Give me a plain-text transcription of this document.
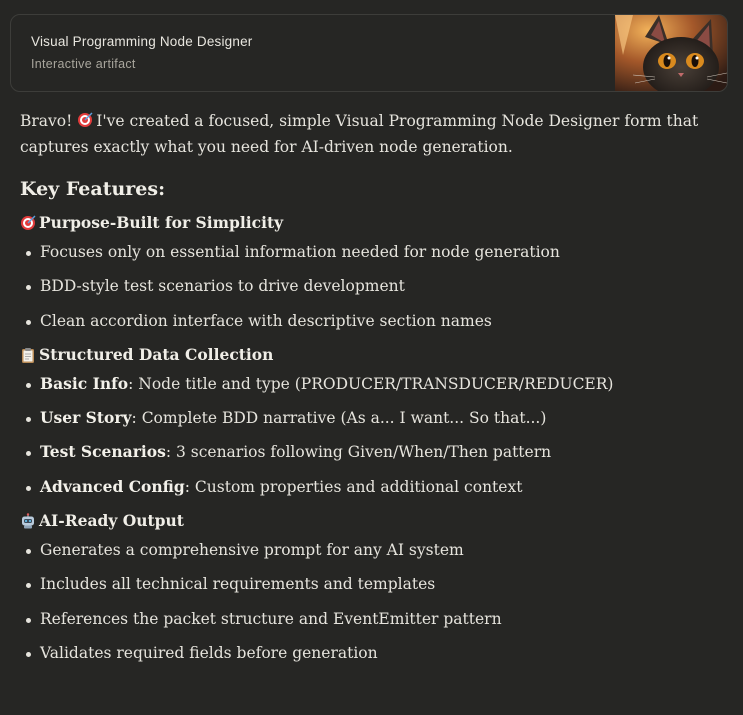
Visual Programming Node Designer
Interactive artifact

Bravo! I've created a focused, simple Visual Programming Node Designer form that
captures exactly what you need for AI-driven node generation.

Key Features:
Purpose-Built for Simplicity
Focuses only on essential information needed for node generation
BDD-style test scenarios to drive development
Clean accordion interface with descriptive section names
Structured Data Collection
Basic Info: Node title and type (PRODUCER/TRANSDUCER/REDUCER)
User Story: Complete BDD narrative (As a... I want... So that...)
Test Scenarios: 3 scenarios following Given/When/Then pattern
Advanced Config: Custom properties and additional context
AI-Ready Output
Generates a comprehensive prompt for any AI system
Includes all technical requirements and templates
References the packet structure and EventEmitter pattern
Validates required fields before generation
